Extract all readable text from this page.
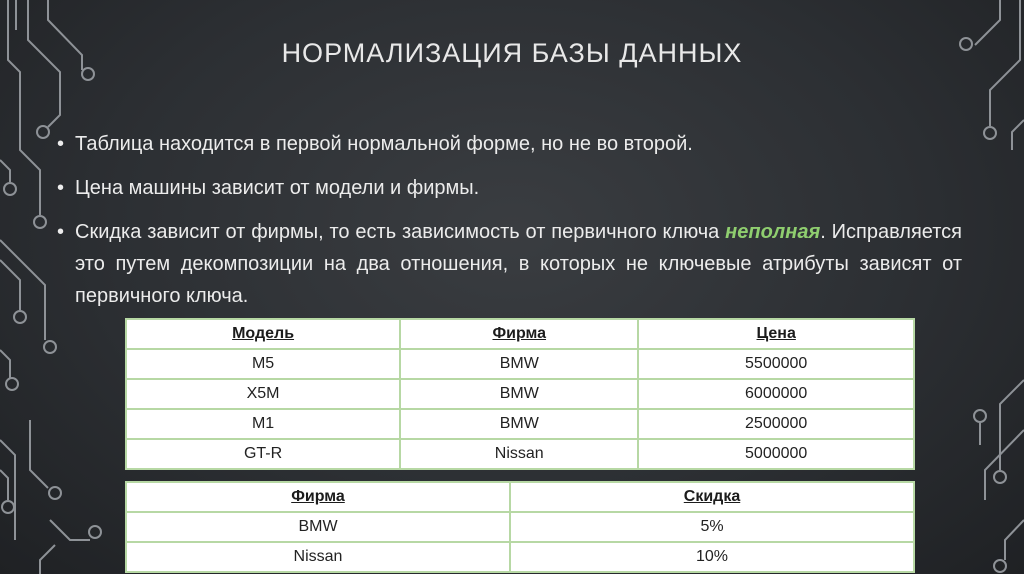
НОРМАЛИЗАЦИЯ БАЗЫ ДАННЫХ
• Таблица находится в первой нормальной форме, но не во второй.
• Цена машины зависит от модели и фирмы.
• Скидка зависит от фирмы, то есть зависимость от первичного ключа неполная. Исправляется это путем декомпозиции на два отношения, в которых не ключевые атрибуты зависят от первичного ключа.
Модель	Фирма	Цена
M5	BMW	5500000
X5M	BMW	6000000
M1	BMW	2500000
GT-R	Nissan	5000000
Фирма	Скидка
BMW	5%
Nissan	10%
